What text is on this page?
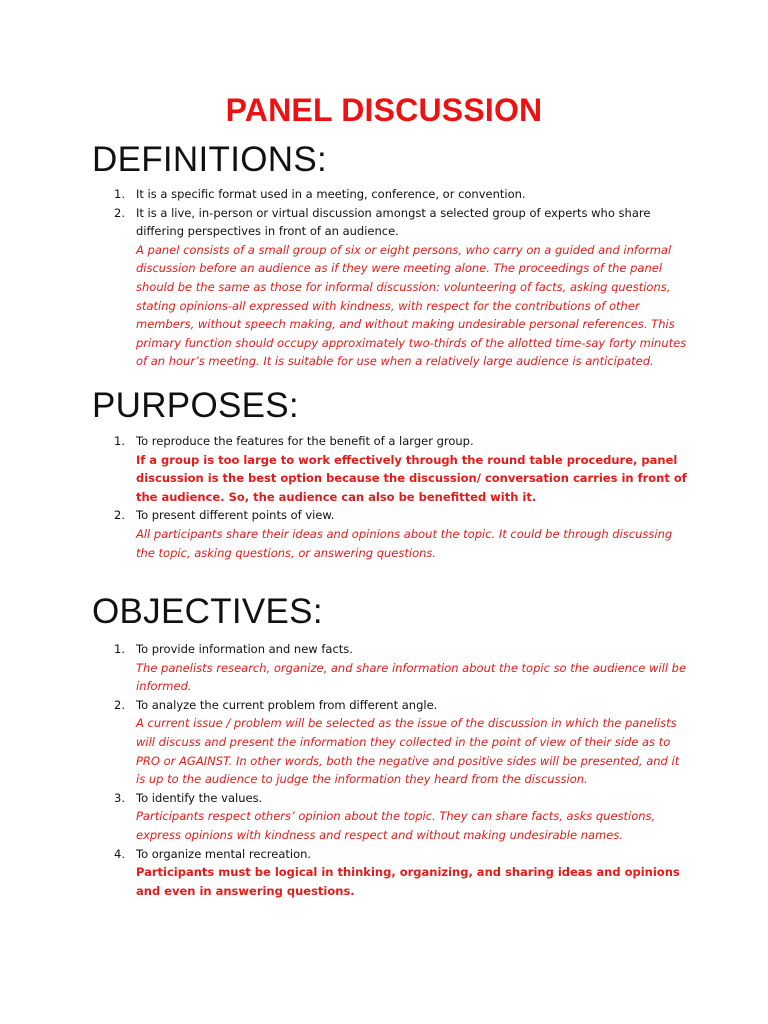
PANEL DISCUSSION
DEFINITIONS:
1. It is a specific format used in a meeting, conference, or convention.
2. It is a live, in-person or virtual discussion amongst a selected group of experts who share differing perspectives in front of an audience.
A panel consists of a small group of six or eight persons, who carry on a guided and informal discussion before an audience as if they were meeting alone. The proceedings of the panel should be the same as those for informal discussion: volunteering of facts, asking questions, stating opinions-all expressed with kindness, with respect for the contributions of other members, without speech making, and without making undesirable personal references. This primary function should occupy approximately two-thirds of the allotted time-say forty minutes of an hour’s meeting. It is suitable for use when a relatively large audience is anticipated.
PURPOSES:
1. To reproduce the features for the benefit of a larger group.
If a group is too large to work effectively through the round table procedure, panel discussion is the best option because the discussion/ conversation carries in front of the audience. So, the audience can also be benefitted with it.
2. To present different points of view.
All participants share their ideas and opinions about the topic. It could be through discussing the topic, asking questions, or answering questions.
OBJECTIVES:
1. To provide information and new facts.
The panelists research, organize, and share information about the topic so the audience will be informed.
2. To analyze the current problem from different angle.
A current issue / problem will be selected as the issue of the discussion in which the panelists will discuss and present the information they collected in the point of view of their side as to PRO or AGAINST. In other words, both the negative and positive sides will be presented, and it is up to the audience to judge the information they heard from the discussion.
3. To identify the values.
Participants respect others’ opinion about the topic. They can share facts, asks questions, express opinions with kindness and respect and without making undesirable names.
4. To organize mental recreation.
Participants must be logical in thinking, organizing, and sharing ideas and opinions and even in answering questions.
